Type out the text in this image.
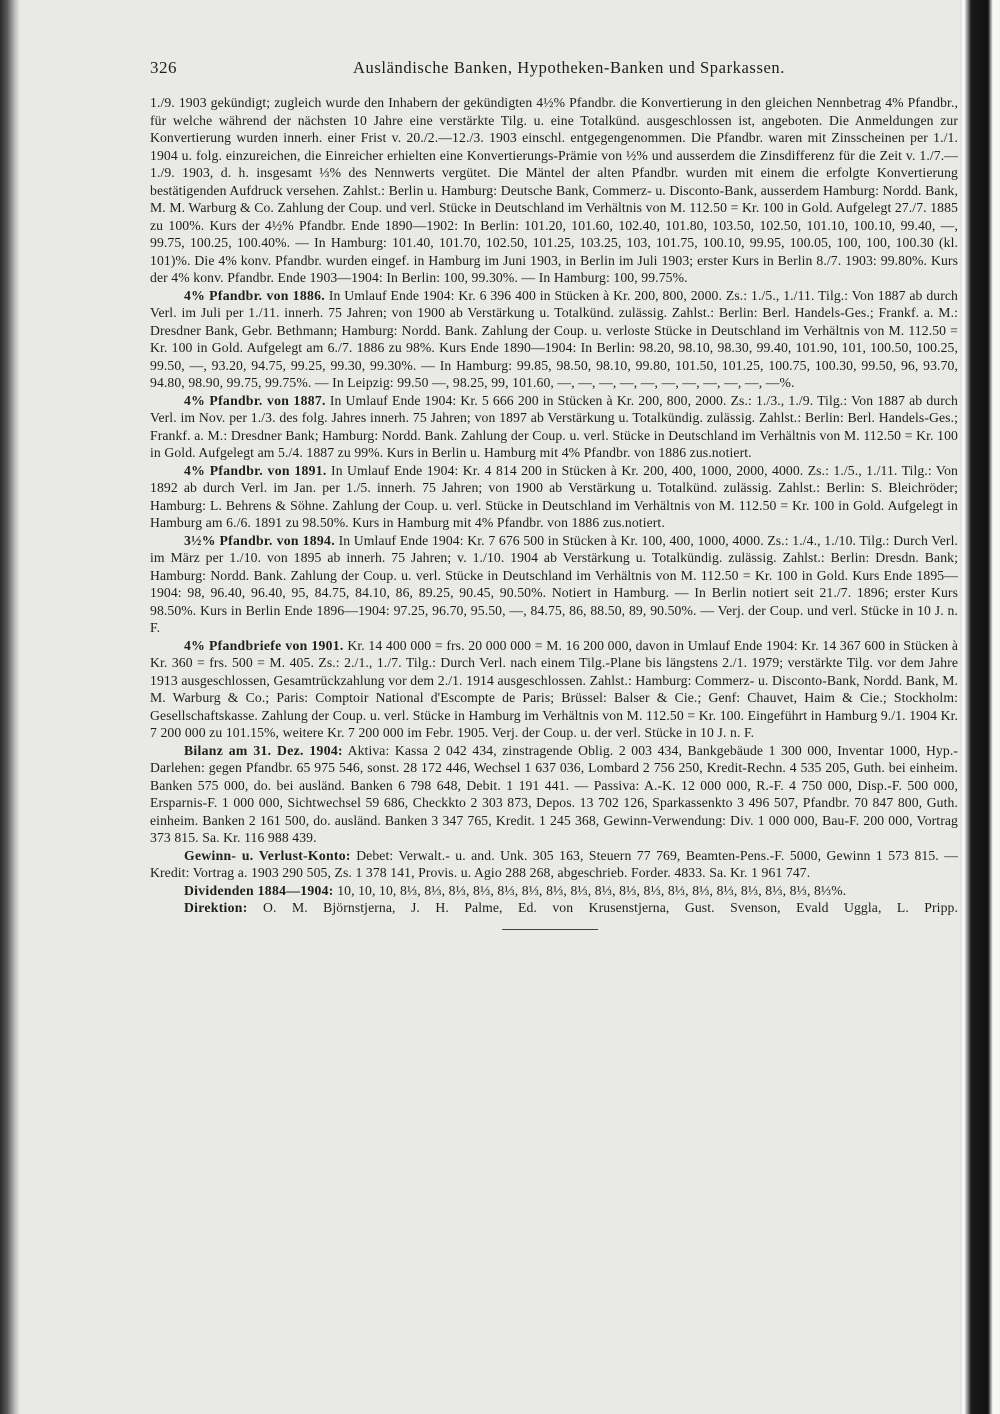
326	Ausländische Banken, Hypotheken-Banken und Sparkassen.

1./9. 1903 gekündigt; zugleich wurde den Inhabern der gekündigten 4½% Pfandbr. die Konvertierung in den gleichen Nennbetrag 4% Pfandbr., für welche während der nächsten 10 Jahre eine verstärkte Tilg. u. eine Totalkünd. ausgeschlossen ist, angeboten. Die Anmeldungen zur Konvertierung wurden innerh. einer Frist v. 20./2.—12./3. 1903 einschl. entgegengenommen. Die Pfandbr. waren mit Zinsscheinen per 1./1. 1904 u. folg. einzureichen, die Einreicher erhielten eine Konvertierungs-Prämie von ½% und ausserdem die Zinsdifferenz für die Zeit v. 1./7.—1./9. 1903, d. h. insgesamt ⅓% des Nennwerts vergütet. Die Mäntel der alten Pfandbr. wurden mit einem die erfolgte Konvertierung bestätigenden Aufdruck versehen. Zahlst.: Berlin u. Hamburg: Deutsche Bank, Commerz- u. Disconto-Bank, ausserdem Hamburg: Nordd. Bank, M. M. Warburg & Co. Zahlung der Coup. und verl. Stücke in Deutschland im Verhältnis von M. 112.50 = Kr. 100 in Gold. Aufgelegt 27./7. 1885 zu 100%. Kurs der 4½% Pfandbr. Ende 1890—1902: In Berlin: 101.20, 101.60, 102.40, 101.80, 103.50, 102.50, 101.10, 100.10, 99.40, —, 99.75, 100.25, 100.40%. — In Hamburg: 101.40, 101.70, 102.50, 101.25, 103.25, 103, 101.75, 100.10, 99.95, 100.05, 100, 100, 100.30 (kl. 101)%. Die 4% konv. Pfandbr. wurden eingef. in Hamburg im Juni 1903, in Berlin im Juli 1903; erster Kurs in Berlin 8./7. 1903: 99.80%. Kurs der 4% konv. Pfandbr. Ende 1903—1904: In Berlin: 100, 99.30%. — In Hamburg: 100, 99.75%.

4% Pfandbr. von 1886. In Umlauf Ende 1904: Kr. 6 396 400 in Stücken à Kr. 200, 800, 2000. Zs.: 1./5., 1./11. Tilg.: Von 1887 ab durch Verl. im Juli per 1./11. innerh. 75 Jahren; von 1900 ab Verstärkung u. Totalkünd. zulässig. Zahlst.: Berlin: Berl. Handels-Ges.; Frankf. a. M.: Dresdner Bank, Gebr. Bethmann; Hamburg: Nordd. Bank. Zahlung der Coup. u. verloste Stücke in Deutschland im Verhältnis von M. 112.50 = Kr. 100 in Gold. Aufgelegt am 6./7. 1886 zu 98%. Kurs Ende 1890—1904: In Berlin: 98.20, 98.10, 98.30, 99.40, 101.90, 101, 100.50, 100.25, 99.50, —, 93.20, 94.75, 99.25, 99.30, 99.30%. — In Hamburg: 99.85, 98.50, 98.10, 99.80, 101.50, 101.25, 100.75, 100.30, 99.50, 96, 93.70, 94.80, 98.90, 99.75, 99.75%. — In Leipzig: 99.50 —, 98.25, 99, 101.60, —, —, —, —, —, —, —, —, —, —, —%.

4% Pfandbr. von 1887. In Umlauf Ende 1904: Kr. 5 666 200 in Stücken à Kr. 200, 800, 2000. Zs.: 1./3., 1./9. Tilg.: Von 1887 ab durch Verl. im Nov. per 1./3. des folg. Jahres innerh. 75 Jahren; von 1897 ab Verstärkung u. Totalkündig. zulässig. Zahlst.: Berlin: Berl. Handels-Ges.; Frankf. a. M.: Dresdner Bank; Hamburg: Nordd. Bank. Zahlung der Coup. u. verl. Stücke in Deutschland im Verhältnis von M. 112.50 = Kr. 100 in Gold. Aufgelegt am 5./4. 1887 zu 99%. Kurs in Berlin u. Hamburg mit 4% Pfandbr. von 1886 zus.notiert.

4% Pfandbr. von 1891. In Umlauf Ende 1904: Kr. 4 814 200 in Stücken à Kr. 200, 400, 1000, 2000, 4000. Zs.: 1./5., 1./11. Tilg.: Von 1892 ab durch Verl. im Jan. per 1./5. innerh. 75 Jahren; von 1900 ab Verstärkung u. Totalkünd. zulässig. Zahlst.: Berlin: S. Bleichröder; Hamburg: L. Behrens & Söhne. Zahlung der Coup. u. verl. Stücke in Deutschland im Verhältnis von M. 112.50 = Kr. 100 in Gold. Aufgelegt in Hamburg am 6./6. 1891 zu 98.50%. Kurs in Hamburg mit 4% Pfandbr. von 1886 zus.notiert.

3½% Pfandbr. von 1894. In Umlauf Ende 1904: Kr. 7 676 500 in Stücken à Kr. 100, 400, 1000, 4000. Zs.: 1./4., 1./10. Tilg.: Durch Verl. im März per 1./10. von 1895 ab innerh. 75 Jahren; v. 1./10. 1904 ab Verstärkung u. Totalkündig. zulässig. Zahlst.: Berlin: Dresdn. Bank; Hamburg: Nordd. Bank. Zahlung der Coup. u. verl. Stücke in Deutschland im Verhältnis von M. 112.50 = Kr. 100 in Gold. Kurs Ende 1895—1904: 98, 96.40, 96.40, 95, 84.75, 84.10, 86, 89.25, 90.45, 90.50%. Notiert in Hamburg. — In Berlin notiert seit 21./7. 1896; erster Kurs 98.50%. Kurs in Berlin Ende 1896—1904: 97.25, 96.70, 95.50, —, 84.75, 86, 88.50, 89, 90.50%. — Verj. der Coup. und verl. Stücke in 10 J. n. F.

4% Pfandbriefe von 1901. Kr. 14 400 000 = frs. 20 000 000 = M. 16 200 000, davon in Umlauf Ende 1904: Kr. 14 367 600 in Stücken à Kr. 360 = frs. 500 = M. 405. Zs.: 2./1., 1./7. Tilg.: Durch Verl. nach einem Tilg.-Plane bis längstens 2./1. 1979; verstärkte Tilg. vor dem Jahre 1913 ausgeschlossen, Gesamtrückzahlung vor dem 2./1. 1914 ausgeschlossen. Zahlst.: Hamburg: Commerz- u. Disconto-Bank, Nordd. Bank, M. M. Warburg & Co.; Paris: Comptoir National d'Escompte de Paris; Brüssel: Balser & Cie.; Genf: Chauvet, Haim & Cie.; Stockholm: Gesellschaftskasse. Zahlung der Coup. u. verl. Stücke in Hamburg im Verhältnis von M. 112.50 = Kr. 100. Eingeführt in Hamburg 9./1. 1904 Kr. 7 200 000 zu 101.15%, weitere Kr. 7 200 000 im Febr. 1905. Verj. der Coup. u. der verl. Stücke in 10 J. n. F.

Bilanz am 31. Dez. 1904: Aktiva: Kassa 2 042 434, zinstragende Oblig. 2 003 434, Bankgebäude 1 300 000, Inventar 1000, Hyp.-Darlehen: gegen Pfandbr. 65 975 546, sonst. 28 172 446, Wechsel 1 637 036, Lombard 2 756 250, Kredit-Rechn. 4 535 205, Guth. bei einheim. Banken 575 000, do. bei ausländ. Banken 6 798 648, Debit. 1 191 441. — Passiva: A.-K. 12 000 000, R.-F. 4 750 000, Disp.-F. 500 000, Ersparnis-F. 1 000 000, Sichtwechsel 59 686, Checkkto 2 303 873, Depos. 13 702 126, Sparkassenkto 3 496 507, Pfandbr. 70 847 800, Guth. einheim. Banken 2 161 500, do. ausländ. Banken 3 347 765, Kredit. 1 245 368, Gewinn-Verwendung: Div. 1 000 000, Bau-F. 200 000, Vortrag 373 815. Sa. Kr. 116 988 439.

Gewinn- u. Verlust-Konto: Debet: Verwalt.- u. and. Unk. 305 163, Steuern 77 769, Beamten-Pens.-F. 5000, Gewinn 1 573 815. — Kredit: Vortrag a. 1903 290 505, Zs. 1 378 141, Provis. u. Agio 288 268, abgeschrieb. Forder. 4833. Sa. Kr. 1 961 747.

Dividenden 1884—1904: 10, 10, 10, 8⅓, 8⅓, 8⅓, 8⅓, 8⅓, 8⅓, 8⅓, 8⅓, 8⅓, 8⅓, 8⅓, 8⅓, 8⅓, 8⅓, 8⅓, 8⅓, 8⅓, 8⅓%.

Direktion: O. M. Björnstjerna, J. H. Palme, Ed. von Krusenstjerna, Gust. Svenson, Evald Uggla, L. Pripp.
